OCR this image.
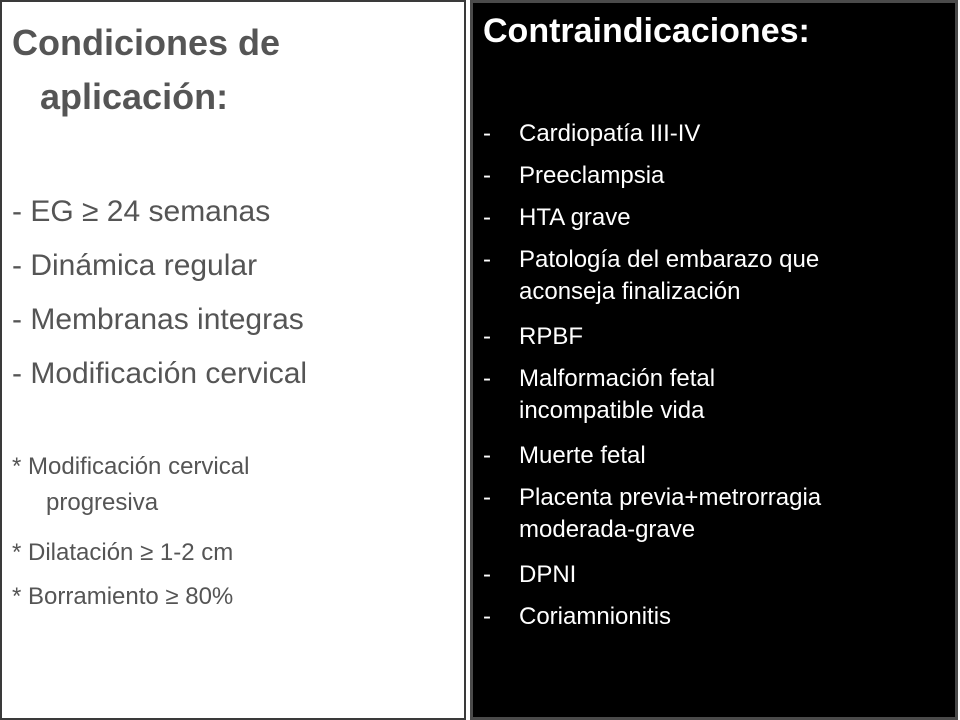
Condiciones de
aplicación:
- EG ≥ 24 semanas
- Dinámica regular
- Membranas integras
- Modificación cervical
* Modificación cervical
progresiva
* Dilatación ≥ 1-2 cm
* Borramiento ≥ 80%
Contraindicaciones:
-	Cardiopatía III-IV
-	Preeclampsia
-	HTA grave
-	Patología del embarazo que
aconseja finalización
-	RPBF
-	Malformación fetal
incompatible vida
-	Muerte fetal
-	Placenta previa+metrorragia
moderada-grave
-	DPNI
-	Coriamnionitis
